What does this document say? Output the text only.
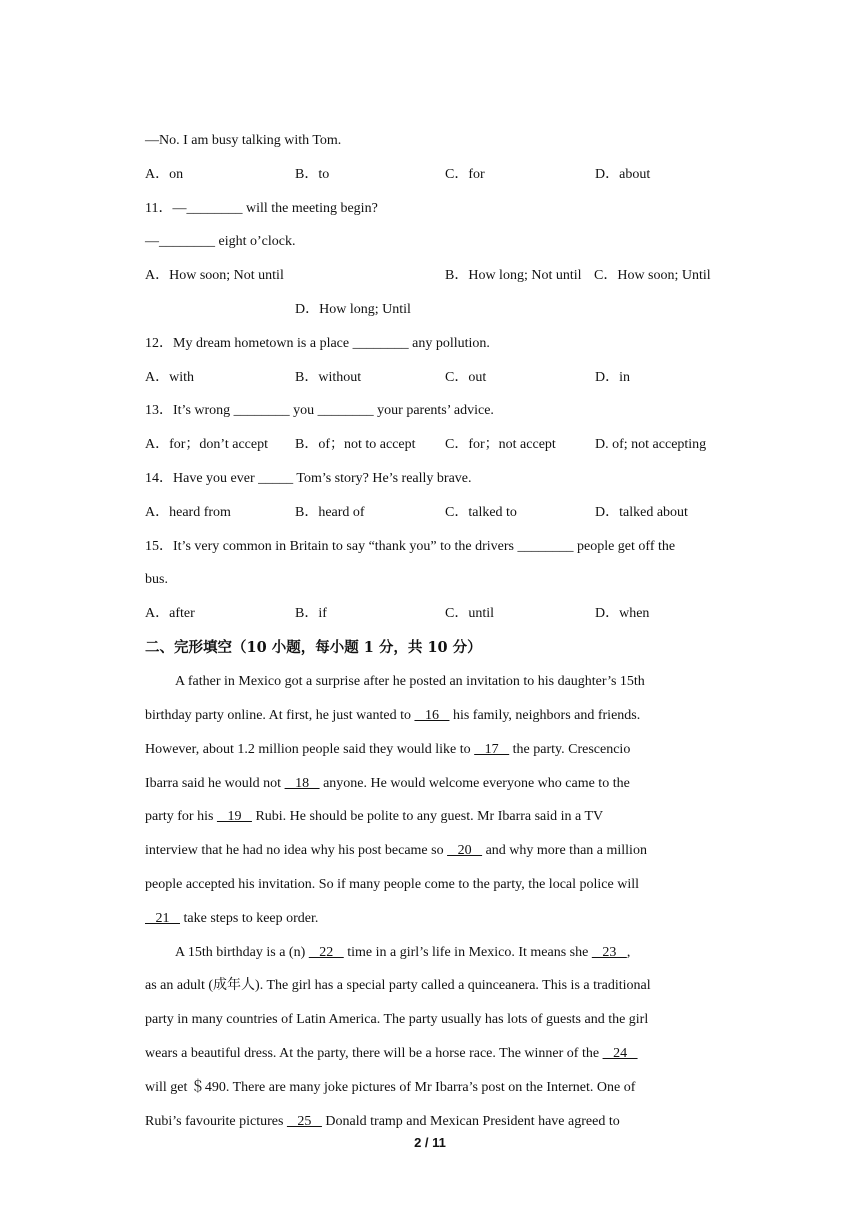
—No. I am busy talking with Tom.
A．on	B．to	C．for	D．about
11．—________ will the meeting begin?
—________ eight o’clock.
A．How soon; Not until	B．How long; Not until C．How soon; Until
D．How long; Until
12．My dream hometown is a place ________ any pollution.
A．with	B．without	C．out	D．in
13．It’s wrong ________ you ________ your parents’ advice.
A．for；don’t accept B．of；not to accept C．for；not accept	D. of; not accepting
14．Have you ever _____ Tom’s story? He’s really brave.
A．heard from	B．heard of	C．talked to	D．talked about
15．It’s very common in Britain to say “thank you” to the drivers ________ people get off the
bus.
A．after	B．if	C．until	D．when
二、完形填空（10 小题，每小题 1 分，共 10 分）
A father in Mexico got a surprise after he posted an invitation to his daughter’s 15th
birthday party online. At first, he just wanted to    16    his family, neighbors and friends.
However, about 1.2 million people said they would like to    17    the party. Crescencio
Ibarra said he would not    18    anyone. He would welcome everyone who came to the
party for his    19    Rubi. He should be polite to any guest. Mr Ibarra said in a TV
interview that he had no idea why his post became so    20    and why more than a million
people accepted his invitation. So if many people come to the party, the local police will
21    take steps to keep order.
A 15th birthday is a (n)    22    time in a girl’s life in Mexico. It means she    23   ,
as an adult (成年人). The girl has a special party called a quinceanera. This is a traditional
party in many countries of Latin America. The party usually has lots of guests and the girl
wears a beautiful dress. At the party, there will be a horse race. The winner of the    24
will get ＄490. There are many joke pictures of Mr Ibarra’s post on the Internet. One of
Rubi’s favourite pictures    25    Donald tramp and Mexican President have agreed to
2 / 11
